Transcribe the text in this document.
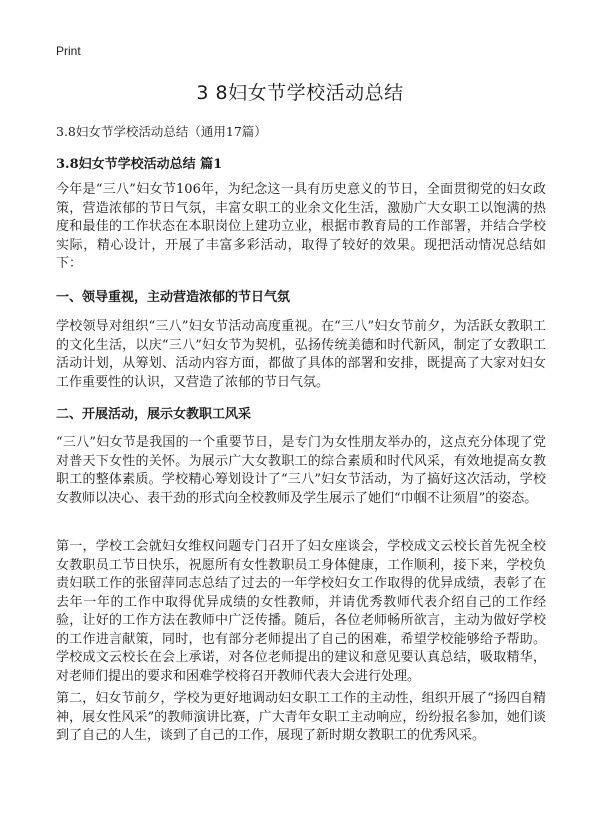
Print
3 8妇女节学校活动总结
3.8妇女节学校活动总结（通用17篇）
3.8妇女节学校活动总结 篇1

今年是“三八”妇女节106年，为纪念这一具有历史意义的节日，全面贯彻党的妇女政策，营造浓郁的节日气氛，丰富女职工的业余文化生活，激励广大女职工以饱满的热度和最佳的工作状态在本职岗位上建功立业，根据市教育局的工作部署，并结合学校实际，精心设计，开展了丰富多彩活动，取得了较好的效果。现把活动情况总结如下：

一、领导重视，主动营造浓郁的节日气氛

学校领导对组织“三八”妇女节活动高度重视。在“三八”妇女节前夕，为活跃女教职工的文化生活，以庆“三八”妇女节为契机，弘扬传统美德和时代新风，制定了女教职工活动计划，从筹划、活动内容方面，都做了具体的部署和安排，既提高了大家对妇女工作重要性的认识，又营造了浓郁的节日气氛。

二、开展活动，展示女教职工风采

“三八”妇女节是我国的一个重要节日，是专门为女性朋友举办的，这点充分体现了党对普天下女性的关怀。为展示广大女教职工的综合素质和时代风采，有效地提高女教职工的整体素质。学校精心筹划设计了“三八”妇女节活动，为了搞好这次活动，学校女教师以决心、表干劲的形式向全校教师及学生展示了她们“巾帼不让须眉”的姿态。

第一，学校工会就妇女维权问题专门召开了妇女座谈会，学校成文云校长首先祝全校女教职员工节日快乐，祝愿所有女性教职员工身体健康，工作顺利，接下来，学校负责妇联工作的张留萍同志总结了过去的一年学校妇女工作取得的优异成绩，表彰了在去年一年的工作中取得优异成绩的女性教师，并请优秀教师代表介绍自己的工作经验，让好的工作方法在教师中广泛传播。随后，各位老师畅所欲言，主动为做好学校的工作进言献策，同时，也有部分老师提出了自己的困难，希望学校能够给予帮助。学校成文云校长在会上承诺，对各位老师提出的建议和意见要认真总结，吸取精华，对老师们提出的要求和困难学校将召开教师代表大会进行处理。

第二，妇女节前夕，学校为更好地调动妇女职工工作的主动性，组织开展了“扬四自精神，展女性风采”的教师演讲比赛，广大青年女职工主动响应，纷纷报名参加，她们谈到了自己的人生，谈到了自己的工作，展现了新时期女教职工的优秀风采。
